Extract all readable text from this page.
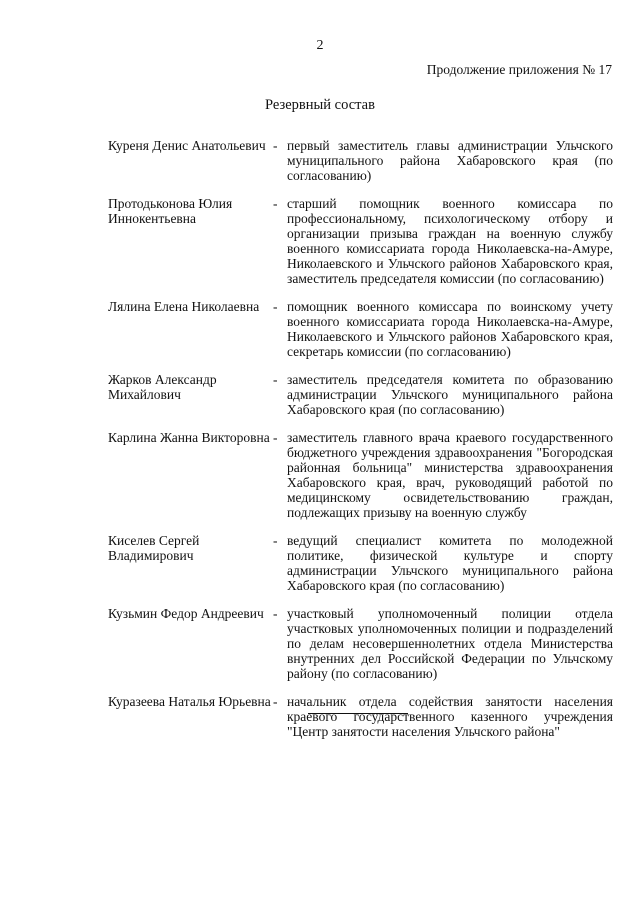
2
Продолжение приложения № 17
Резервный состав
Куреня Денис Анатольевич - первый заместитель главы администрации Ульчского муниципального района Хабаровского края (по согласованию)
Протодьконова Юлия Иннокентьевна
- старший помощник военного комиссара по профессиональному, психологическому отбору и организации призыва граждан на военную службу военного комиссариата города Николаевска-на-Амуре, Николаевского и Ульчского районов Хабаровского края, заместитель председателя комиссии (по согласованию)
Лялина Елена Николаевна	- помощник военного комиссара по воинскому учету военного комиссариата города Николаевска-на-Амуре, Николаевского и Ульчского районов Хабаровского края, секретарь комиссии (по согласованию)
Жарков Александр Михайлович
- заместитель председателя комитета по образованию администрации Ульчского муниципального района Хабаровского края (по согласованию)
Карлина Жанна Викторовна - заместитель главного врача краевого государственного бюджетного учреждения здравоохранения "Богородская районная больница" министерства здравоохранения Хабаровского края, врач, руководящий работой по медицинскому освидетельствованию граждан, подлежащих призыву на военную службу
Киселев Сергей Владимирович
- ведущий специалист комитета по молодежной политике, физической культуре и спорту администрации Ульчского муниципального района Хабаровского края (по согласованию)
Кузьмин Федор Андреевич - участковый уполномоченный полиции отдела участковых уполномоченных полиции и подразделений по делам несовершеннолетних отдела Министерства внутренних дел Российской Федерации по Ульчскому району (по согласованию)
Куразеева Наталья Юрьевна - начальник отдела содействия занятости населения краевого государственного казенного учреждения "Центр занятости населения Ульчского района"
